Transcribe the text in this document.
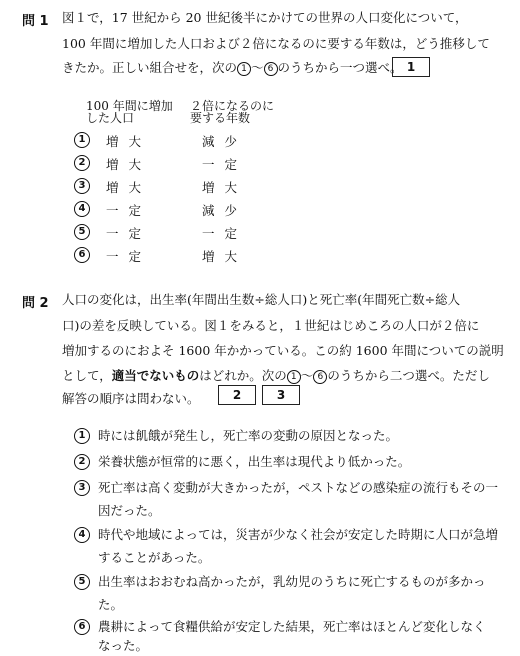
問 1 図１で，17 世紀から 20 世紀後半にかけての世界の人口変化について，
100 年間に増加した人口および２倍になるのに要する年数は，どう推移して
きたか。正しい組合せを，次の 1 ～ 6 のうちから一つ選べ。 1
100 年間に増加
した人口
２倍になるのに
要する年数
1	増大	減少
2	増大	一定
3	増大	増大
4	一定	減少
5	一定	一定
6	一定	増大
問 2 人口の変化は，出生率(年間出生数÷総人口)と死亡率(年間死亡数÷総人
口)の差を反映している。図１をみると，１世紀はじめころの人口が２倍に
増加するのにおよそ 1600 年かかっている。この約 1600 年間についての説明
として，適当でないものはどれか。次の 1 ～ 6 のうちから二つ選べ。ただし
解答の順序は問わない。	2	3
1	時には飢餓が発生し，死亡率の変動の原因となった。
2	栄養状態が恒常的に悪く，出生率は現代より低かった。
3	死亡率は高く変動が大きかったが，ペストなどの感染症の流行もその一
因だった。
4	時代や地域によっては，災害が少なく社会が安定した時期に人口が急増
することがあった。
5	出生率はおおむね高かったが，乳幼児のうちに死亡するものが多かっ
た。
6	農耕によって食糧供給が安定した結果，死亡率はほとんど変化しなく
なった。
